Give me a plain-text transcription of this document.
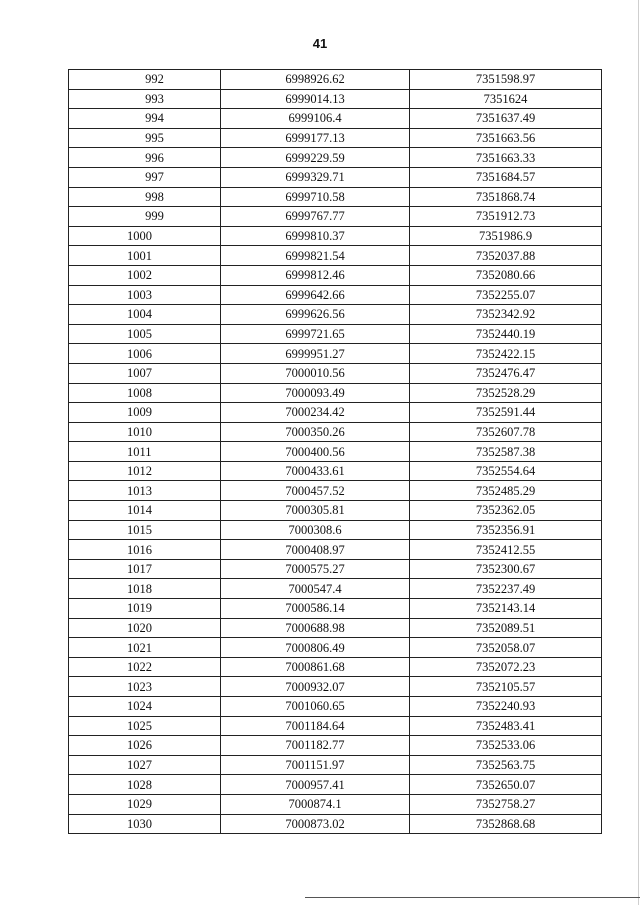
41
992	6998926.62	7351598.97
993	6999014.13	7351624
994	6999106.4	7351637.49
995	6999177.13	7351663.56
996	6999229.59	7351663.33
997	6999329.71	7351684.57
998	6999710.58	7351868.74
999	6999767.77	7351912.73
1000	6999810.37	7351986.9
1001	6999821.54	7352037.88
1002	6999812.46	7352080.66
1003	6999642.66	7352255.07
1004	6999626.56	7352342.92
1005	6999721.65	7352440.19
1006	6999951.27	7352422.15
1007	7000010.56	7352476.47
1008	7000093.49	7352528.29
1009	7000234.42	7352591.44
1010	7000350.26	7352607.78
1011	7000400.56	7352587.38
1012	7000433.61	7352554.64
1013	7000457.52	7352485.29
1014	7000305.81	7352362.05
1015	7000308.6	7352356.91
1016	7000408.97	7352412.55
1017	7000575.27	7352300.67
1018	7000547.4	7352237.49
1019	7000586.14	7352143.14
1020	7000688.98	7352089.51
1021	7000806.49	7352058.07
1022	7000861.68	7352072.23
1023	7000932.07	7352105.57
1024	7001060.65	7352240.93
1025	7001184.64	7352483.41
1026	7001182.77	7352533.06
1027	7001151.97	7352563.75
1028	7000957.41	7352650.07
1029	7000874.1	7352758.27
1030	7000873.02	7352868.68
